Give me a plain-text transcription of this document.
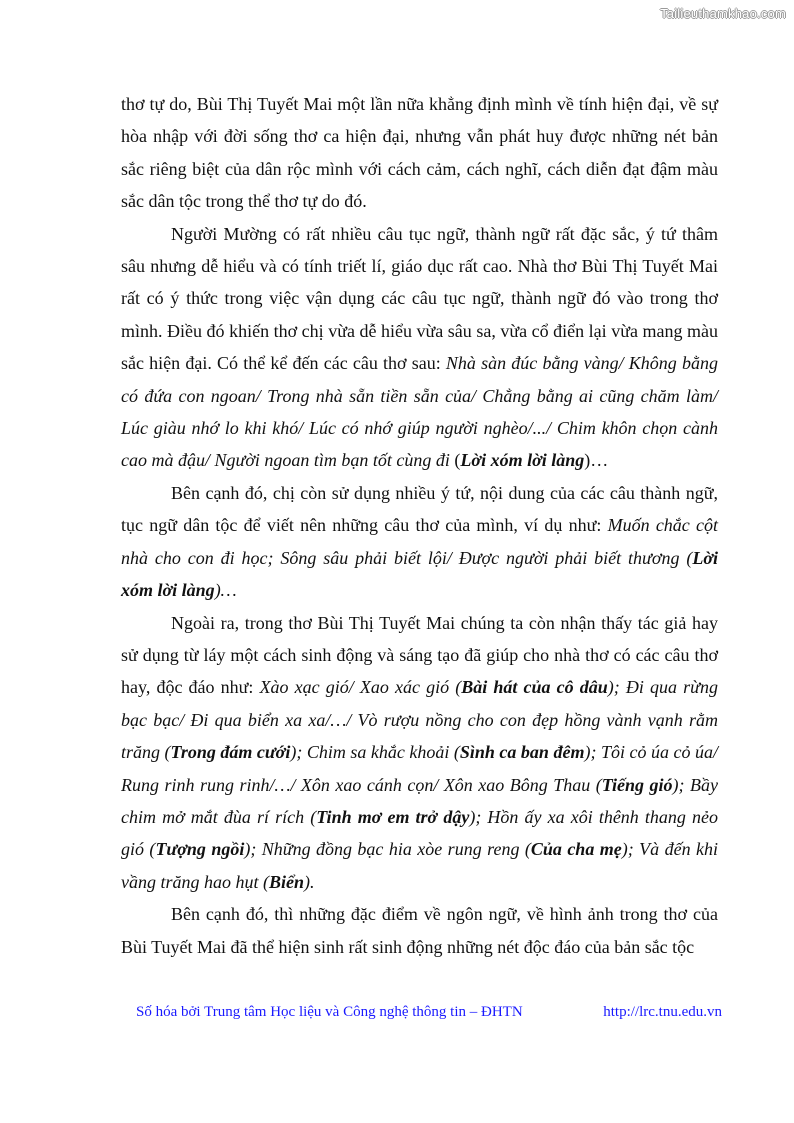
Tailieuthamkhao.com

thơ tự do, Bùi Thị Tuyết Mai một lần nữa khẳng định mình về tính hiện đại, về sự hòa nhập với đời sống thơ ca hiện đại, nhưng vẫn phát huy được những nét bản sắc riêng biệt của dân rộc mình với cách cảm, cách nghĩ, cách diễn đạt đậm màu sắc dân tộc trong thể thơ tự do đó.

Người Mường có rất nhiều câu tục ngữ, thành ngữ rất đặc sắc, ý tứ thâm sâu nhưng dễ hiểu và có tính triết lí, giáo dục rất cao. Nhà thơ Bùi Thị Tuyết Mai rất có ý thức trong việc vận dụng các câu tục ngữ, thành ngữ đó vào trong thơ mình. Điều đó khiến thơ chị vừa dễ hiểu vừa sâu sa, vừa cổ điển lại vừa mang màu sắc hiện đại. Có thể kể đến các câu thơ sau: Nhà sàn đúc bằng vàng/ Không bằng có đứa con ngoan/ Trong nhà sẵn tiền sẵn của/ Chẳng bằng ai cũng chăm làm/ Lúc giàu nhớ lo khi khó/ Lúc có nhớ giúp người nghèo/.../ Chim khôn chọn cành cao mà đậu/ Người ngoan tìm bạn tốt cùng đi (Lời xóm lời làng)…

Bên cạnh đó, chị còn sử dụng nhiều ý tứ, nội dung của các câu thành ngữ, tục ngữ dân tộc để viết nên những câu thơ của mình, ví dụ như: Muốn chắc cột nhà cho con đi học; Sông sâu phải biết lội/ Được người phải biết thương (Lời xóm lời làng)…

Ngoài ra, trong thơ Bùi Thị Tuyết Mai chúng ta còn nhận thấy tác giả hay sử dụng từ láy một cách sinh động và sáng tạo đã giúp cho nhà thơ có các câu thơ hay, độc đáo như: Xào xạc gió/ Xao xác gió (Bài hát của cô dâu); Đi qua rừng bạc bạc/ Đi qua biển xa xa/…/ Vò rượu nồng cho con đẹp hồng vành vạnh rằm trăng (Trong đám cưới); Chim sa khắc khoải (Sình ca ban đêm); Tôi cỏ úa cỏ úa/ Rung rinh rung rinh/…/ Xôn xao cánh cọn/ Xôn xao Bông Thau (Tiếng gió); Bầy chim mở mắt đùa rí rích (Tinh mơ em trở dậy); Hồn ấy xa xôi thênh thang nẻo gió (Tượng ngồi); Những đồng bạc hia xòe rung reng (Của cha mẹ); Và đến khi vầng trăng hao hụt (Biển).

Bên cạnh đó, thì những đặc điểm về ngôn ngữ, về hình ảnh trong thơ của Bùi Tuyết Mai đã thể hiện sinh rất sinh động những nét độc đáo của bản sắc tộc

Số hóa bởi Trung tâm Học liệu và Công nghệ thông tin – ĐHTN	http://lrc.tnu.edu.vn
